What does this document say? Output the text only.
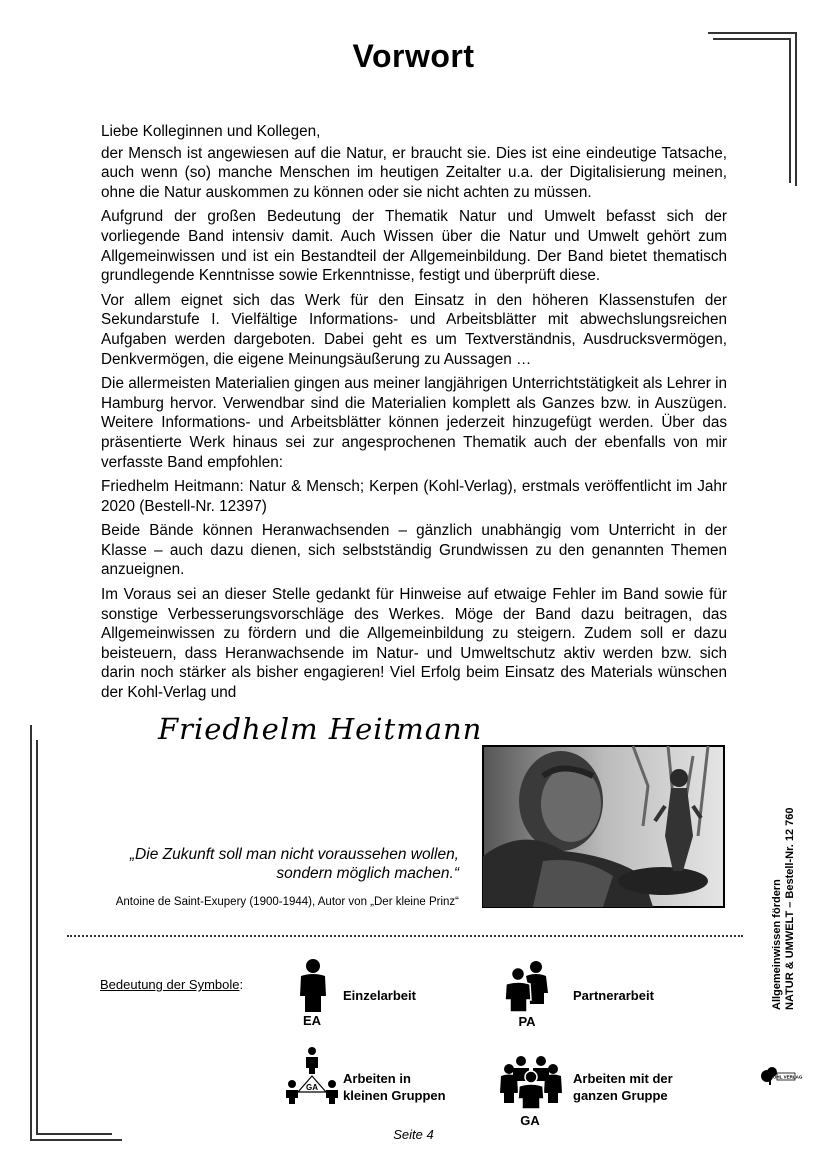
Vorwort

Liebe Kolleginnen und Kollegen,

der Mensch ist angewiesen auf die Natur, er braucht sie. Dies ist eine eindeutige Tatsache, auch wenn (so) manche Menschen im heutigen Zeitalter u.a. der Digitalisierung meinen, ohne die Natur auskommen zu können oder sie nicht achten zu müssen.

Aufgrund der großen Bedeutung der Thematik Natur und Umwelt befasst sich der vorliegende Band intensiv damit. Auch Wissen über die Natur und Umwelt gehört zum Allgemeinwissen und ist ein Bestandteil der Allgemeinbildung. Der Band bietet thematisch grundlegende Kenntnisse sowie Erkenntnisse, festigt und überprüft diese.

Vor allem eignet sich das Werk für den Einsatz in den höheren Klassenstufen der Sekundarstufe I. Vielfältige Informations- und Arbeitsblätter mit abwechslungsreichen Aufgaben werden dargeboten. Dabei geht es um Textverständnis, Ausdrucksvermögen, Denkvermögen, die eigene Meinungsäußerung zu Aussagen …

Die allermeisten Materialien gingen aus meiner langjährigen Unterrichtstätigkeit als Lehrer in Hamburg hervor. Verwendbar sind die Materialien komplett als Ganzes bzw. in Auszügen. Weitere Informations- und Arbeitsblätter können jederzeit hinzugefügt werden. Über das präsentierte Werk hinaus sei zur angesprochenen Thematik auch der ebenfalls von mir verfasste Band empfohlen:

Friedhelm Heitmann: Natur & Mensch; Kerpen (Kohl-Verlag), erstmals veröffentlicht im Jahr 2020 (Bestell-Nr. 12397)

Beide Bände können Heranwachsenden – gänzlich unabhängig vom Unterricht in der Klasse – auch dazu dienen, sich selbstständig Grundwissen zu den genannten Themen anzueignen.

Im Voraus sei an dieser Stelle gedankt für Hinweise auf etwaige Fehler im Band sowie für sonstige Verbesserungsvorschläge des Werkes. Möge der Band dazu beitragen, das Allgemeinwissen zu fördern und die Allgemeinbildung zu steigern. Zudem soll er dazu beisteuern, dass Heranwachsende im Natur- und Umweltschutz aktiv werden bzw. sich darin noch stärker als bisher engagieren! Viel Erfolg beim Einsatz des Materials wünschen der Kohl-Verlag und

Friedhelm Heitmann
„Die Zukunft soll man nicht voraussehen wollen,
sondern möglich machen.“
Antoine de Saint-Exupery (1900-1944), Autor von „Der kleine Prinz“
Bedeutung der Symbole:
EA
Einzelarbeit
PA
Partnerarbeit
GA
Arbeiten in
kleinen Gruppen
GA
Arbeiten mit der
ganzen Gruppe
Seite 4
Allgemeinwissen fördern NATUR & UMWELT – Bestell-Nr. 12 760
KOHL VERLAG
